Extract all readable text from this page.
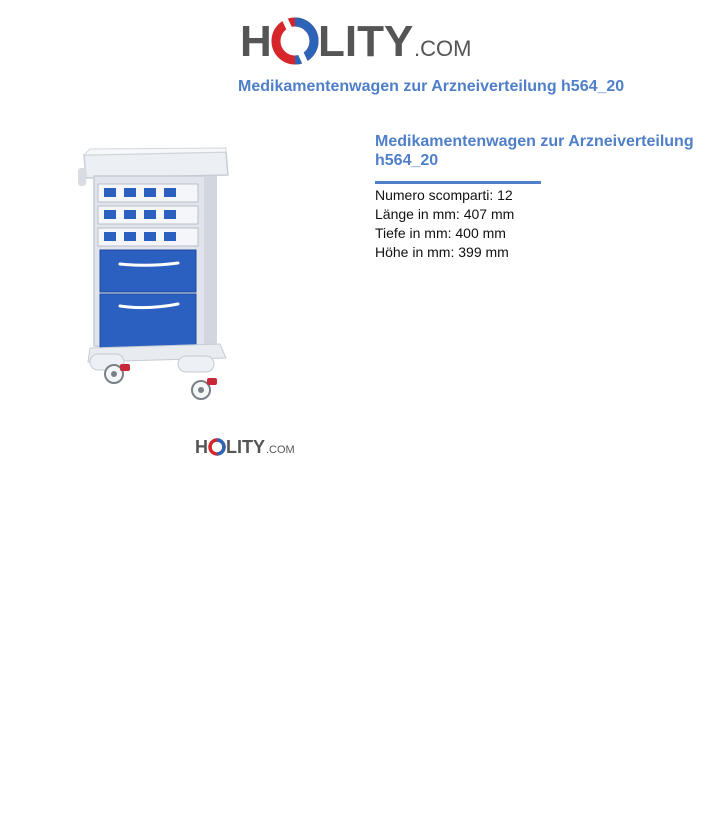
H LITY .COM
Medikamentenwagen zur Arzneiverteilung h564_20
H LITY .COM
Medikamentenwagen zur Arzneiverteilung h564_20
Numero scomparti: 12
Länge in mm: 407 mm
Tiefe in mm: 400 mm
Höhe in mm: 399 mm
